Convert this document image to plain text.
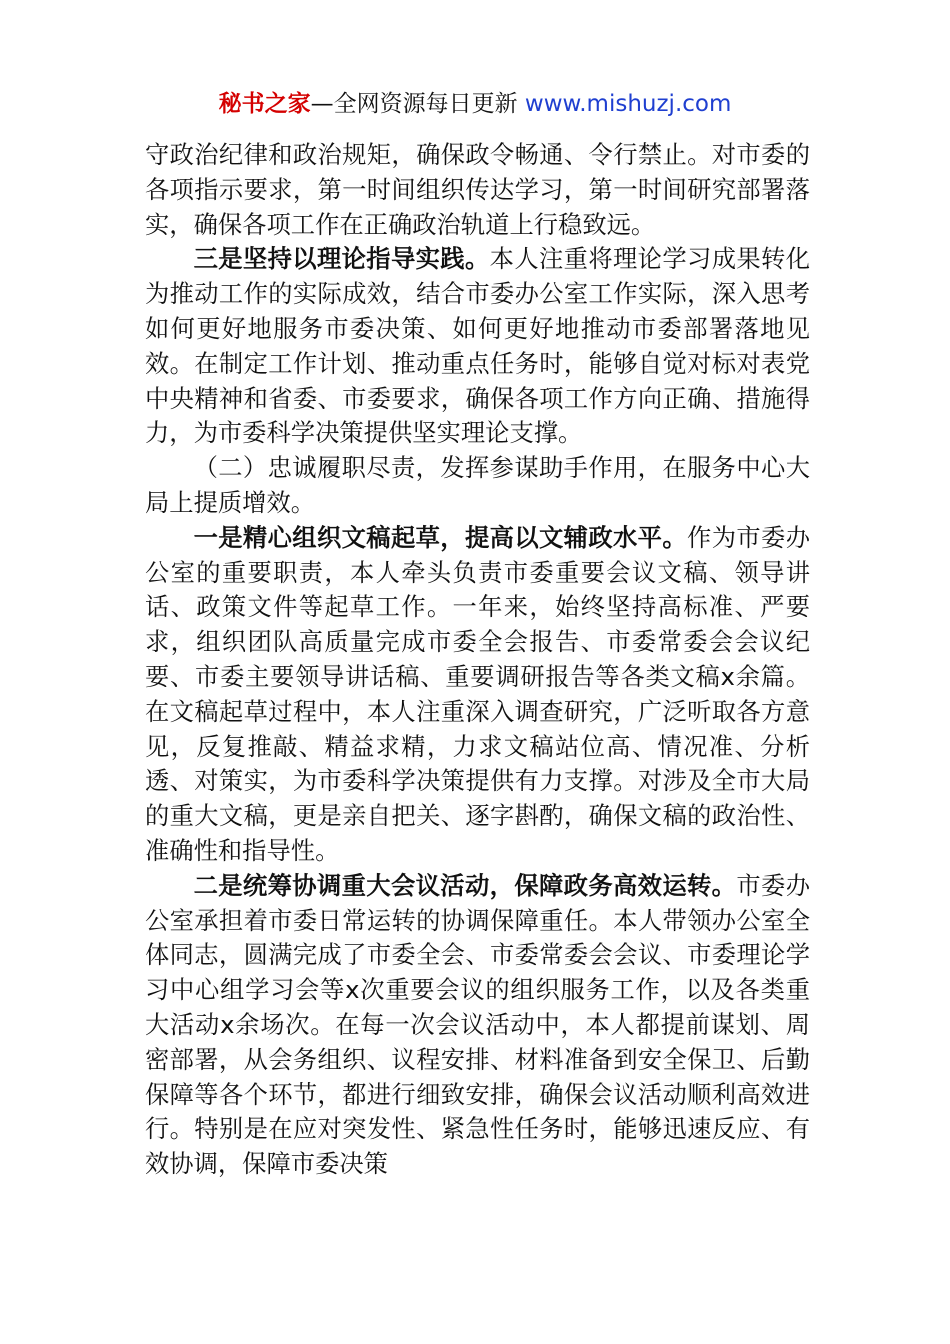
秘书之家—全网资源每日更新 www.mishuzj.com

守政治纪律和政治规矩，确保政令畅通、令行禁止。对市委的各项指示要求，第一时间组织传达学习，第一时间研究部署落实，确保各项工作在正确政治轨道上行稳致远。

三是坚持以理论指导实践。本人注重将理论学习成果转化为推动工作的实际成效，结合市委办公室工作实际，深入思考如何更好地服务市委决策、如何更好地推动市委部署落地见效。在制定工作计划、推动重点任务时，能够自觉对标对表党中央精神和省委、市委要求，确保各项工作方向正确、措施得力，为市委科学决策提供坚实理论支撑。

（二）忠诚履职尽责，发挥参谋助手作用，在服务中心大局上提质增效。

一是精心组织文稿起草，提高以文辅政水平。作为市委办公室的重要职责，本人牵头负责市委重要会议文稿、领导讲话、政策文件等起草工作。一年来，始终坚持高标准、严要求，组织团队高质量完成市委全会报告、市委常委会会议纪要、市委主要领导讲话稿、重要调研报告等各类文稿x余篇。在文稿起草过程中，本人注重深入调查研究，广泛听取各方意见，反复推敲、精益求精，力求文稿站位高、情况准、分析透、对策实，为市委科学决策提供有力支撑。对涉及全市大局的重大文稿，更是亲自把关、逐字斟酌，确保文稿的政治性、准确性和指导性。

二是统筹协调重大会议活动，保障政务高效运转。市委办公室承担着市委日常运转的协调保障重任。本人带领办公室全体同志，圆满完成了市委全会、市委常委会会议、市委理论学习中心组学习会等x次重要会议的组织服务工作，以及各类重大活动x余场次。在每一次会议活动中，本人都提前谋划、周密部署，从会务组织、议程安排、材料准备到安全保卫、后勤保障等各个环节，都进行细致安排，确保会议活动顺利高效进行。特别是在应对突发性、紧急性任务时，能够迅速反应、有效协调，保障市委决策
